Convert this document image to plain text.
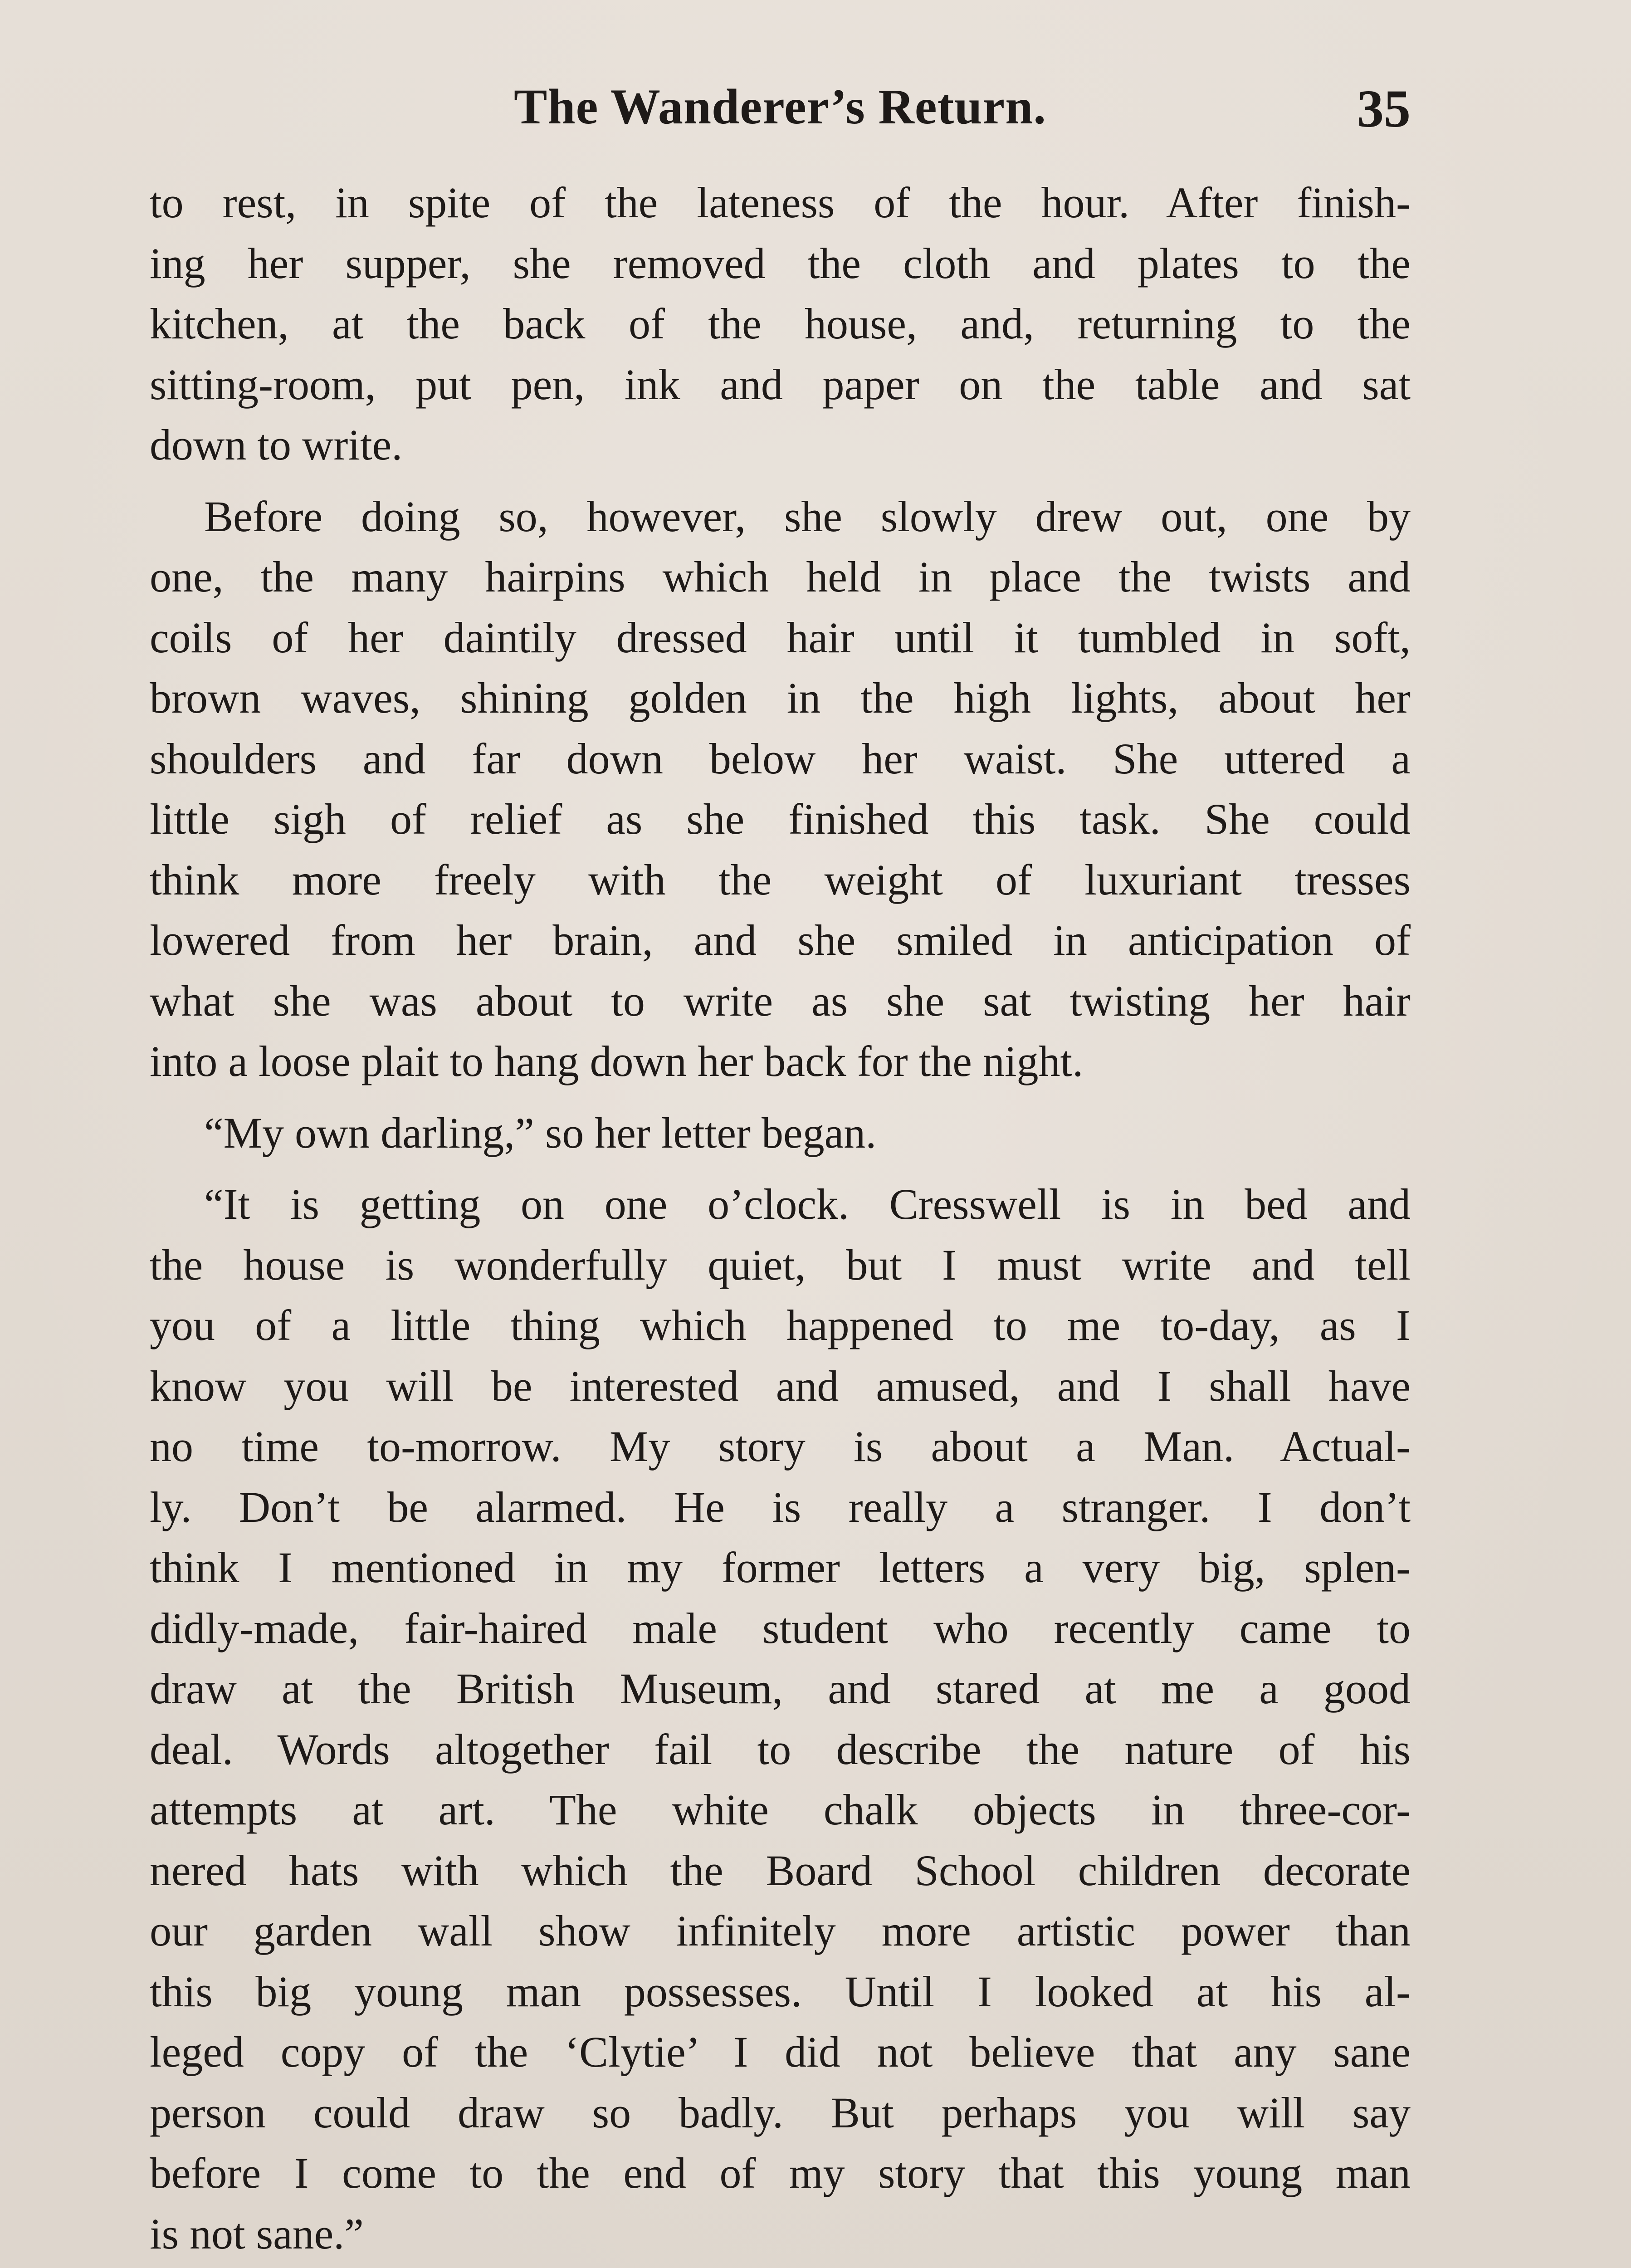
The Wanderer’s Return.	35

to rest, in spite of the lateness of the hour. After finish-
ing her supper, she removed the cloth and plates to the
kitchen, at the back of the house, and, returning to the
sitting-room, put pen, ink and paper on the table and sat
down to write.

Before doing so, however, she slowly drew out, one by
one, the many hairpins which held in place the twists and
coils of her daintily dressed hair until it tumbled in soft,
brown waves, shining golden in the high lights, about her
shoulders and far down below her waist. She uttered a
little sigh of relief as she finished this task. She could
think more freely with the weight of luxuriant tresses
lowered from her brain, and she smiled in anticipation of
what she was about to write as she sat twisting her hair
into a loose plait to hang down her back for the night.

“My own darling,” so her letter began.

“It is getting on one o’clock. Cresswell is in bed and
the house is wonderfully quiet, but I must write and tell
you of a little thing which happened to me to-day, as I
know you will be interested and amused, and I shall have
no time to-morrow. My story is about a Man. Actual-
ly. Don’t be alarmed. He is really a stranger. I don’t
think I mentioned in my former letters a very big, splen-
didly-made, fair-haired male student who recently came to
draw at the British Museum, and stared at me a good
deal. Words altogether fail to describe the nature of his
attempts at art. The white chalk objects in three-cor-
nered hats with which the Board School children decorate
our garden wall show infinitely more artistic power than
this big young man possesses. Until I looked at his al-
leged copy of the ‘Clytie’ I did not believe that any sane
person could draw so badly. But perhaps you will say
before I come to the end of my story that this young man
is not sane.”
